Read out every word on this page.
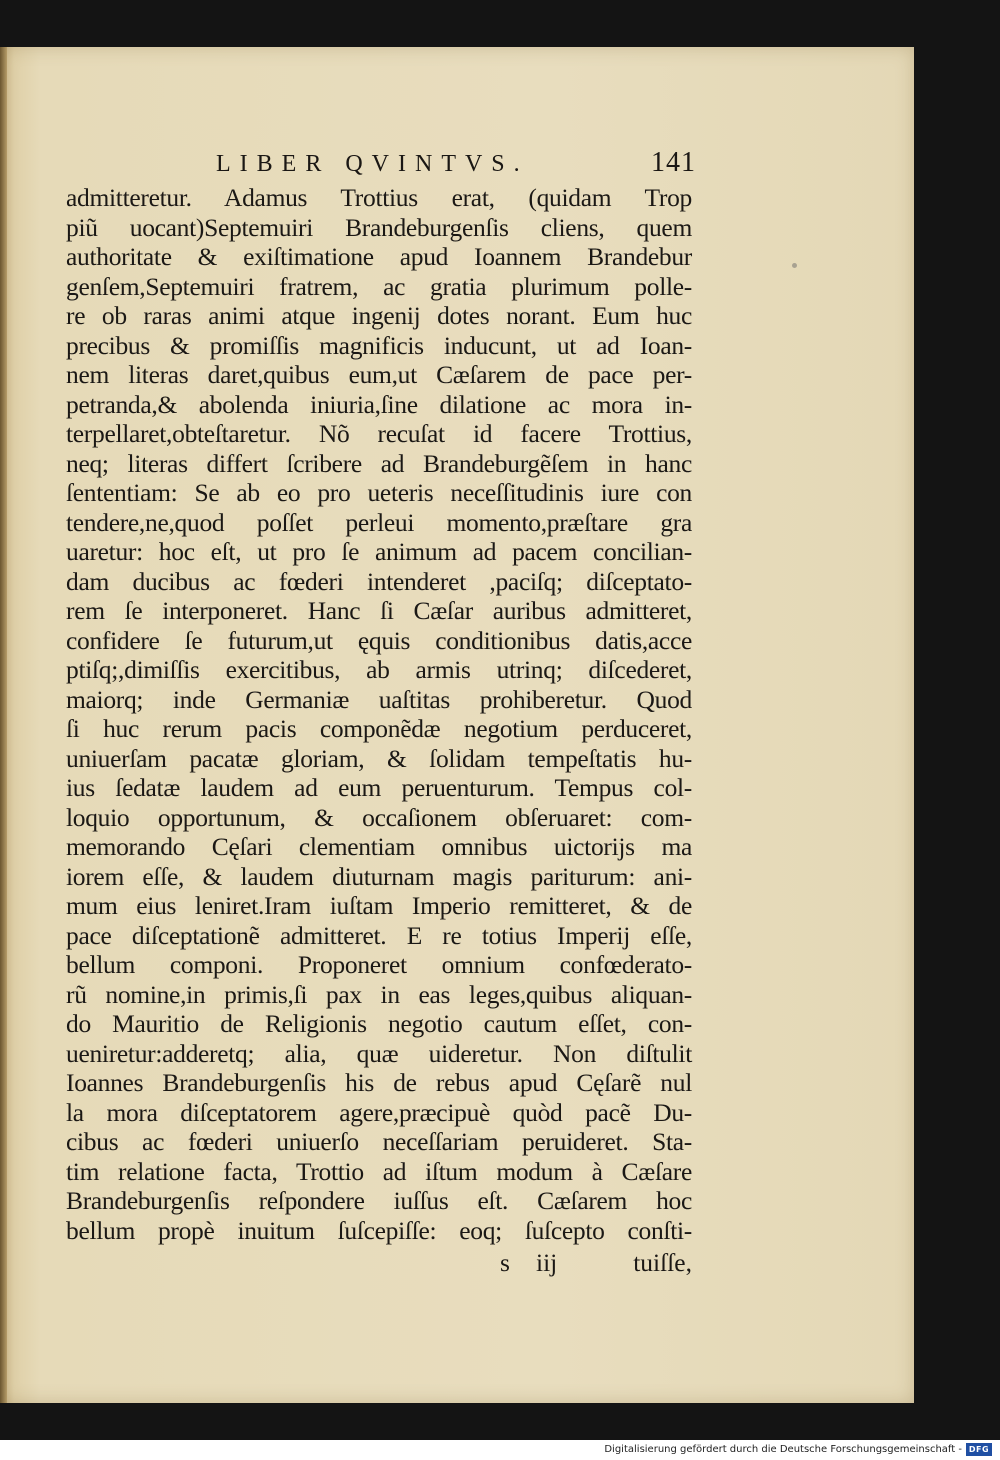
LIBER QVINTVS.	141
admitteretur. Adamus Trottius erat, (quidam Trop
piũ uocant)Septemuiri Brandeburgenſis cliens, quem
authoritate & exiſtimatione apud Ioannem Brandebur
genſem,Septemuiri fratrem, ac gratia plurimum polle-
re ob raras animi atque ingenij dotes norant. Eum huc
precibus & promiſſis magnificis inducunt, ut ad Ioan-
nem literas daret,quibus eum,ut Cæſarem de pace per-
petranda,& abolenda iniuria,ſine dilatione ac mora in-
terpellaret,obteſtaretur. Nõ recuſat id facere Trottius,
neq; literas differt ſcribere ad Brandeburgẽſem in hanc
ſententiam: Se ab eo pro ueteris neceſſitudinis iure con
tendere,ne,quod poſſet perleui momento,præſtare gra
uaretur: hoc eſt, ut pro ſe animum ad pacem concilian-
dam ducibus ac fœderi intenderet ,paciſq; diſceptato-
rem ſe interponeret. Hanc ſi Cæſar auribus admitteret,
confidere ſe futurum,ut ęquis conditionibus datis,acce
ptiſq;,dimiſſis exercitibus, ab armis utrinq; diſcederet,
maiorq; inde Germaniæ uaſtitas prohiberetur. Quod
ſi huc rerum pacis componẽdæ negotium perduceret,
uniuerſam pacatæ gloriam, & ſolidam tempeſtatis hu-
ius ſedatæ laudem ad eum peruenturum. Tempus col-
loquio opportunum, & occaſionem obſeruaret: com-
memorando Cęſari clementiam omnibus uictorijs ma
iorem eſſe, & laudem diuturnam magis pariturum: ani-
mum eius leniret.Iram iuſtam Imperio remitteret, & de
pace diſceptationẽ admitteret. E re totius Imperij eſſe,
bellum componi. Proponeret omnium confœderato-
rũ nomine,in primis,ſi pax in eas leges,quibus aliquan-
do Mauritio de Religionis negotio cautum eſſet, con-
ueniretur:adderetq; alia, quæ uideretur. Non diſtulit
Ioannes Brandeburgenſis his de rebus apud Cęſarẽ nul
la mora diſceptatorem agere,præcipuè quòd pacẽ Du-
cibus ac fœderi uniuerſo neceſſariam peruideret. Sta-
tim relatione facta, Trottio ad iſtum modum à Cæſare
Brandeburgenſis reſpondere iuſſus eſt. Cæſarem hoc
bellum propè inuitum ſuſcepiſſe: eoq; ſuſcepto conſti-
s iij	tuiſſe,
Digitalisierung gefördert durch die Deutsche Forschungsgemeinschaft - DFG
